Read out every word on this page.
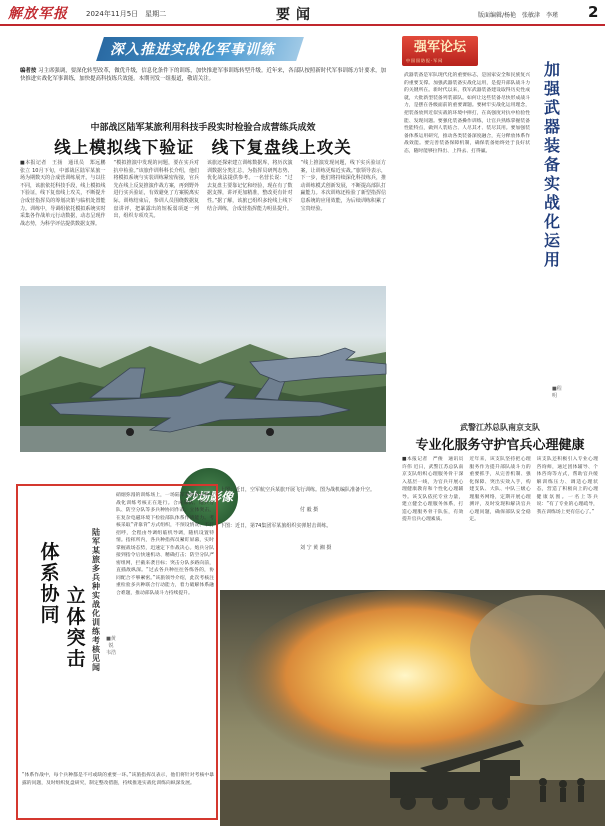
解放军报	2024年11月5日　星期二	要闻	版面编辑/杨艳　张敏津　李瑾 2
深入推进实战化军事训练
编者按 习主席强调，要深化转型改革，做优升级，信息化条件下的训练，加快推进军事训练转型升级。近年来，各部队按照新时代军事训练方针要求，加快推进实战化军事训练，加快提高科技练兵效能。本期刊发一组报道，敬请关注。
中部战区陆军某旅利用科技手段实时检验合成营练兵成效
线上模拟线下验证　线下复盘线上攻关
■本报记者　王扬　通讯员　郑远鹏　张立 10月下旬，中部战区陆军某旅一场为期数天的合成营训练展开。与以往不同，该旅依托科技手段，线上模拟线下验证，线下复盘线上攻关，不断提升合成营指挥员的筹划决策与临机处置能力。训练中，导调组依托模拟系统实时采集各作战单元行动数据，动态呈现作战态势，为科学评估提供数据支撑。
“模拟推演中发现的问题，要在实兵对抗中检验。”该旅作训科科长介绍，他们将模拟系统与实装训练紧密衔接，官兵先在线上反复推演作战方案，再到野外进行实兵验证，有效避免了方案脱离实际。训练结束后，参训人员围绕数据复盘讲评，把暴露出的短板弱项逐一列出，组织专项攻关。
该旅还探索建立训练数据库，将历次演训数据分类汇总，为指挥员研判态势、优化战法提供参考。一名营长说：“过去复盘主要靠记忆和经验，现在有了数据支撑，讲评更加精准，整改更有针对性。”据了解，该旅已组织多轮线上线下结合训练，合成营指挥能力明显提升。
“线上推演发现问题，线下实兵验证方案，让训练更贴近实战。”旅领导表示，下一步，他们将持续深化科技练兵，推动训练模式创新发展，不断提高部队打赢能力。本次训练还检验了新型指挥信息系统的应用效能，为后续训练积累了宝贵经验。
沙场影像
上图：近日，空军航空兵某旅开展飞行训练。图为战机编队准备升空。
付 毅 摄
下图：近日，第74集团军某旅组织实弹射击训练。
刘 宁 黄 湘 摄
体系协同
立体突击
陆军某旅多兵种实战化训练考核见闻
■黄锐 韦浩
硝烟弥漫的训练场上，一场陆军某旅多兵种实战化训练考核正在进行。合成部队、炮兵分队、防空分队等多兵种协同作战，立体突击，在复杂电磁环境下检验部队体系作战能力。考核采取“背靠背”方式组织，不预设情况、不打招呼，全程由导调组临机导调，随机设置特情。指挥所内，各兵种指挥员紧盯屏幕，实时掌握战场态势，迅速定下作战决心。炮兵分队接到指令后快速机动、精确打击；防空分队严密组网，拦截来袭目标；突击分队多路向前，直插敌纵深。“过去各兵种往往各练各的，协同配合不够紧密。”该旅领导介绍，此次考核注重检验多兵种联合行动能力，着力破解体系融合难题，推动部队战斗力持续提升。
“体系作战中，每个兵种都是不可或缺的重要一环。”该旅指挥员表示，他们将针对考核中暴露的问题，及时组织复盘研究，制定整改措施，持续推进实战化训练向纵深发展。
强军论坛
中国国防报·军网
武器装备是军队现代化的重要标志，是国家安全和民族复兴的重要支撑。加强武器装备实战化运用，是提升部队战斗力的关键所在。新时代以来，我军武器装备建设取得历史性成就，大批新型装备列装部队。如何让这些装备尽快形成战斗力，是摆在各级面前的重要课题。要树牢实战化运用理念，把装备放到近似实战的环境中摔打，在高强度对抗中检验性能、发现问题。要强化装备操作训练，让官兵熟练掌握装备性能特点，做到人装结合、人尽其才、装尽其用。要加强装备体系运用研究，推动各类装备深度融合，充分释放体系作战效能。要完善装备保障机制，确保装备始终处于良好状态，随时能够拉得出、上得去、打得赢。
加强武器装备实战化运用
■程 明
武警江苏总队南京支队
专业化服务守护官兵心理健康
■本报记者　严俊　通讯员　许伟 近日，武警江苏总队南京支队组织心理服务骨干深入基层一线，为官兵开展心理健康教育和个性化心理辅导。该支队依托专业力量，建立健全心理服务体系，打造心理服务骨干队伍，有效提升官兵心理素质。
近年来，该支队坚持把心理服务作为提升部队战斗力的重要抓手，从完善机制、强化保障、突出实效入手，构建支队、大队、中队三级心理服务网络，定期开展心理测评，及时发现和解决官兵心理问题，确保部队安全稳定。
该支队还积极引入专业心理咨询师，通过团体辅导、个体咨询等方式，帮助官兵缓解训练压力、调适心理状态，营造了积极向上的心理健康氛围。一名上等兵说：“有了专业的心理疏导，我在训练场上更有信心了。”
